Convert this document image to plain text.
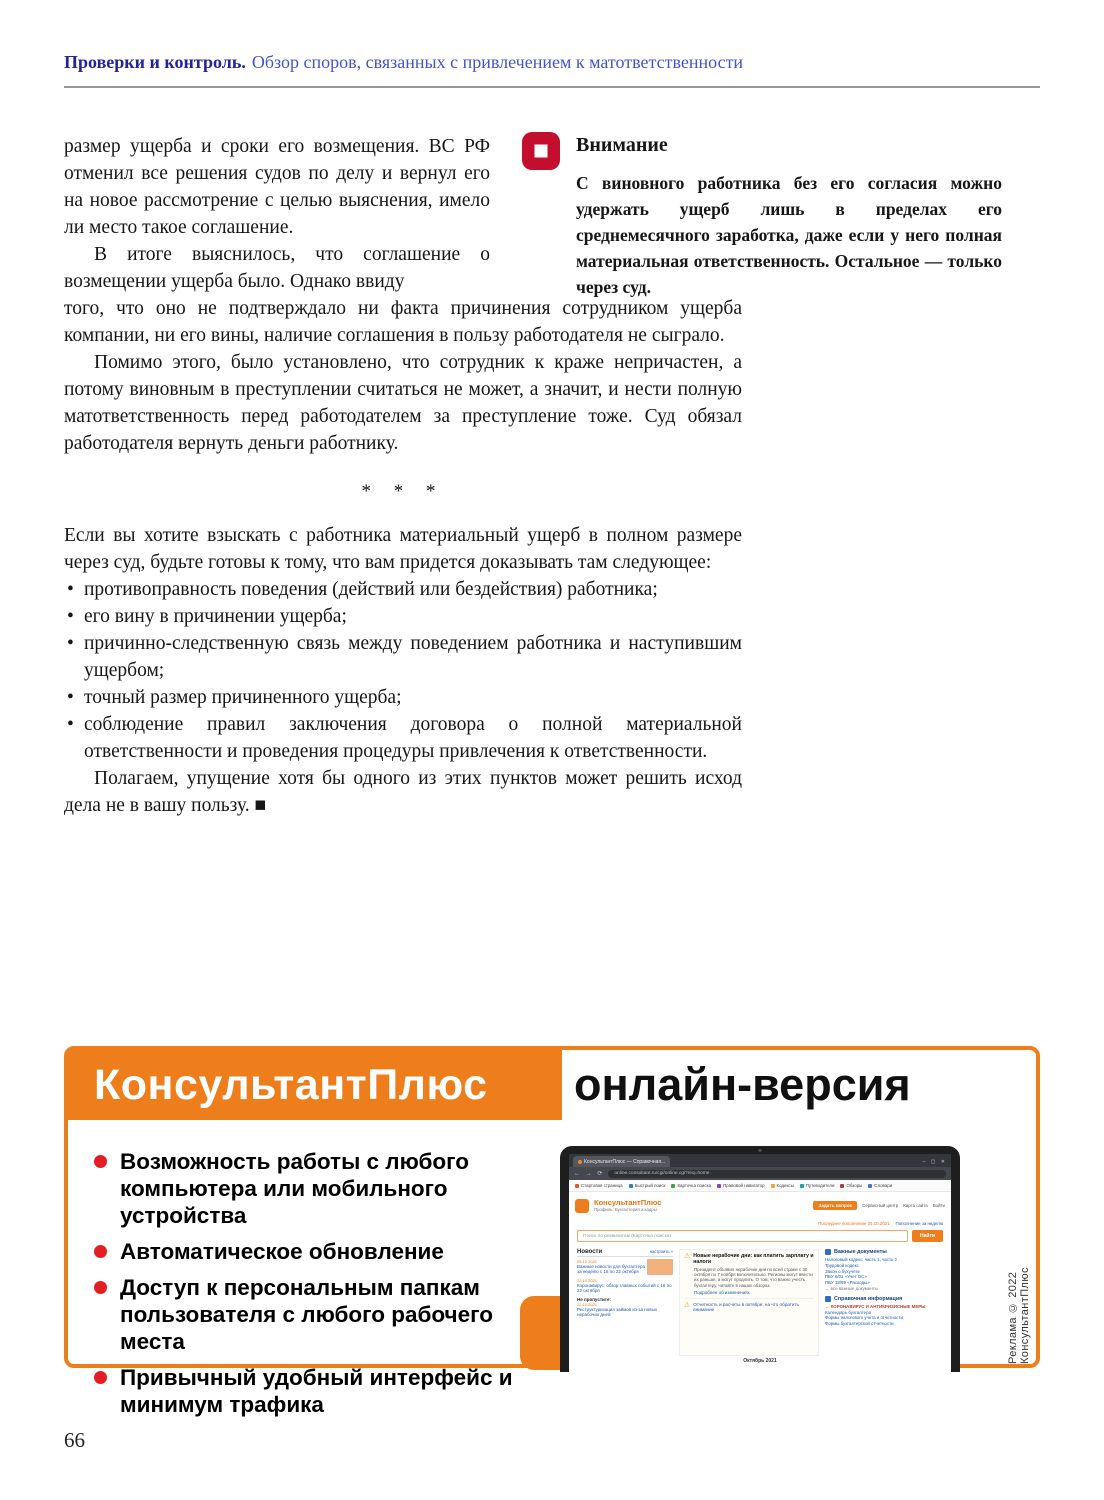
Проверки и контроль. Обзор споров, связанных с привлечением к матответственности
Внимание
С виновного работника без его согласия можно удержать ущерб лишь в пределах его среднемесячного заработка, даже если у него полная материальная ответственность. Остальное — только через суд.

размер ущерба и сроки его возмещения. ВС РФ отменил все решения судов по делу и вернул его на новое рассмотрение с целью выяснения, имело ли место такое соглашение.

В итоге выяснилось, что соглашение о возмещении ущерба было. Однако ввиду

того, что оно не подтверждало ни факта причинения сотрудником ущерба компании, ни его вины, наличие соглашения в пользу работодателя не сыграло.

Помимо этого, было установлено, что сотрудник к краже непричастен, а потому виновным в преступлении считаться не может, а значит, и нести полную матответственность перед работодателем за преступление тоже. Суд обязал работодателя вернуть деньги работнику.

* * *

Если вы хотите взыскать с работника материальный ущерб в полном размере через суд, будьте готовы к тому, что вам придется доказывать там следующее:

• противоправность поведения (действий или бездействия) работника;
• его вину в причинении ущерба;
• причинно-следственную связь между поведением работника и наступившим ущербом;
• точный размер причиненного ущерба;
• соблюдение правил заключения договора о полной материальной ответственности и проведения процедуры привлечения к ответственности.

Полагаем, упущение хотя бы одного из этих пунктов может решить исход дела не в вашу пользу. ■

КонсультантПлюс онлайн-версия
Возможность работы с любого компьютера или мобильного устройства
Автоматическое обновление
Доступ к персональным папкам пользователя с любого рабочего места
Привычный удобный интерфейс и минимум трафика
КонсультантПлюс — Справочная...	– ▢ ✕
← → ⟳	online.consultant.ru/cgi/online.cgi?req=home
Стартовая страница	Быстрый поиск	Карточка поиска	Правовой навигатор	Кодексы	Путеводители	Обзоры	Словари
КонсультантПлюс
Профиль: Бухгалтерия и кадры
Задать вопрос	Сервисный центр Карта сайта Войти
Последнее пополнение 25.10.2021 Пополнение за неделю
Поиск по реквизитам (Карточка поиска)	Найти
Новости	настроить »
25.10.2021
Важные новости для бухгалтера за неделю с 18 по 22 октября
22.10.2021
Коронавирус: обзор главных событий с 16 по 22 октября
Не пропустите:
22.10.2021
Реструктуризация займов из-за новых нерабочих дней
⚠ Новые нерабочие дни: как платить зарплату и налоги
Президент объявил нерабочие дни по всей стране с 30 октября по 7 ноября включительно. Регионы могут ввести их раньше, а могут продлить. О том, что важно учесть бухгалтеру, читайте в наших обзорах.
Подробнее об изменениях
⚠ Отчетность и расчеты в октябре: на что обратить внимание
Важные документы
Налоговый кодекс: часть 1, часть 2
Трудовой кодекс
Закон о бухучете
ПБУ 6/01 «Учет ОС»
ПБУ 18/99 «Расходы»
→ все важные документы
Справочная информация
← КОРОНАВИРУС И АНТИКРИЗИСНЫЕ МЕРЫ
Календарь бухгалтера
Формы налогового учета и отчетности
Формы бухгалтерской отчетности
Октябрь 2021	Реклама © 2022 КонсультантПлюс
66
